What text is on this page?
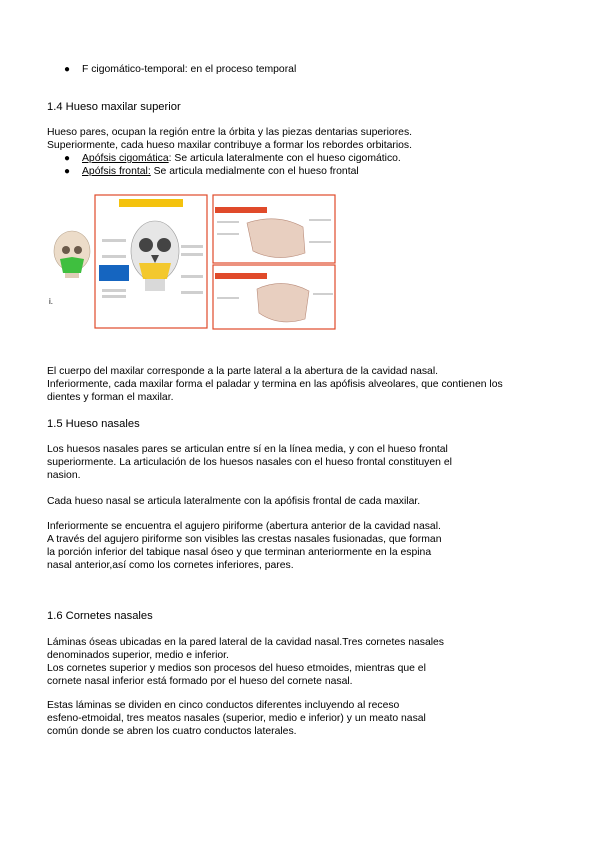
● F cigomático-temporal: en el proceso temporal
1.4 Hueso maxilar superior
Hueso pares, ocupan la región entre la órbita y las piezas dentarias superiores.
Superiormente, cada hueso maxilar contribuye a formar los rebordes orbitarios.
● Apófsis cigomática: Se articula lateralmente con el hueso cigomático.
● Apófsis frontal: Se articula medialmente con el hueso frontal
i.
El cuerpo del maxilar corresponde a la parte lateral a la abertura de la cavidad nasal.
Inferiormente, cada maxilar forma el paladar y termina en las apófisis alveolares, que contienen los
dientes y forman el maxilar.
1.5 Hueso nasales
Los huesos nasales pares se articulan entre sí en la línea media, y con el hueso frontal
superiormente. La articulación de los huesos nasales con el hueso frontal constituyen el
nasion.
Cada hueso nasal se articula lateralmente con la apófisis frontal de cada maxilar.
Inferiormente se encuentra el agujero piriforme (abertura anterior de la cavidad nasal.
A través del agujero piriforme son visibles las crestas nasales fusionadas, que forman
la porción inferior del tabique nasal óseo y que terminan anteriormente en la espina
nasal anterior,así como los cornetes inferiores, pares.
1.6 Cornetes nasales
Láminas óseas ubicadas en la pared lateral de la cavidad nasal.Tres cornetes nasales
denominados superior, medio e inferior.
Los cornetes superior y medios son procesos del hueso etmoides, mientras que el
cornete nasal inferior está formado por el hueso del cornete nasal.
Estas láminas se dividen en cinco conductos diferentes incluyendo al receso
esfeno-etmoidal, tres meatos nasales (superior, medio e inferior) y un meato nasal
común donde se abren los cuatro conductos laterales.
